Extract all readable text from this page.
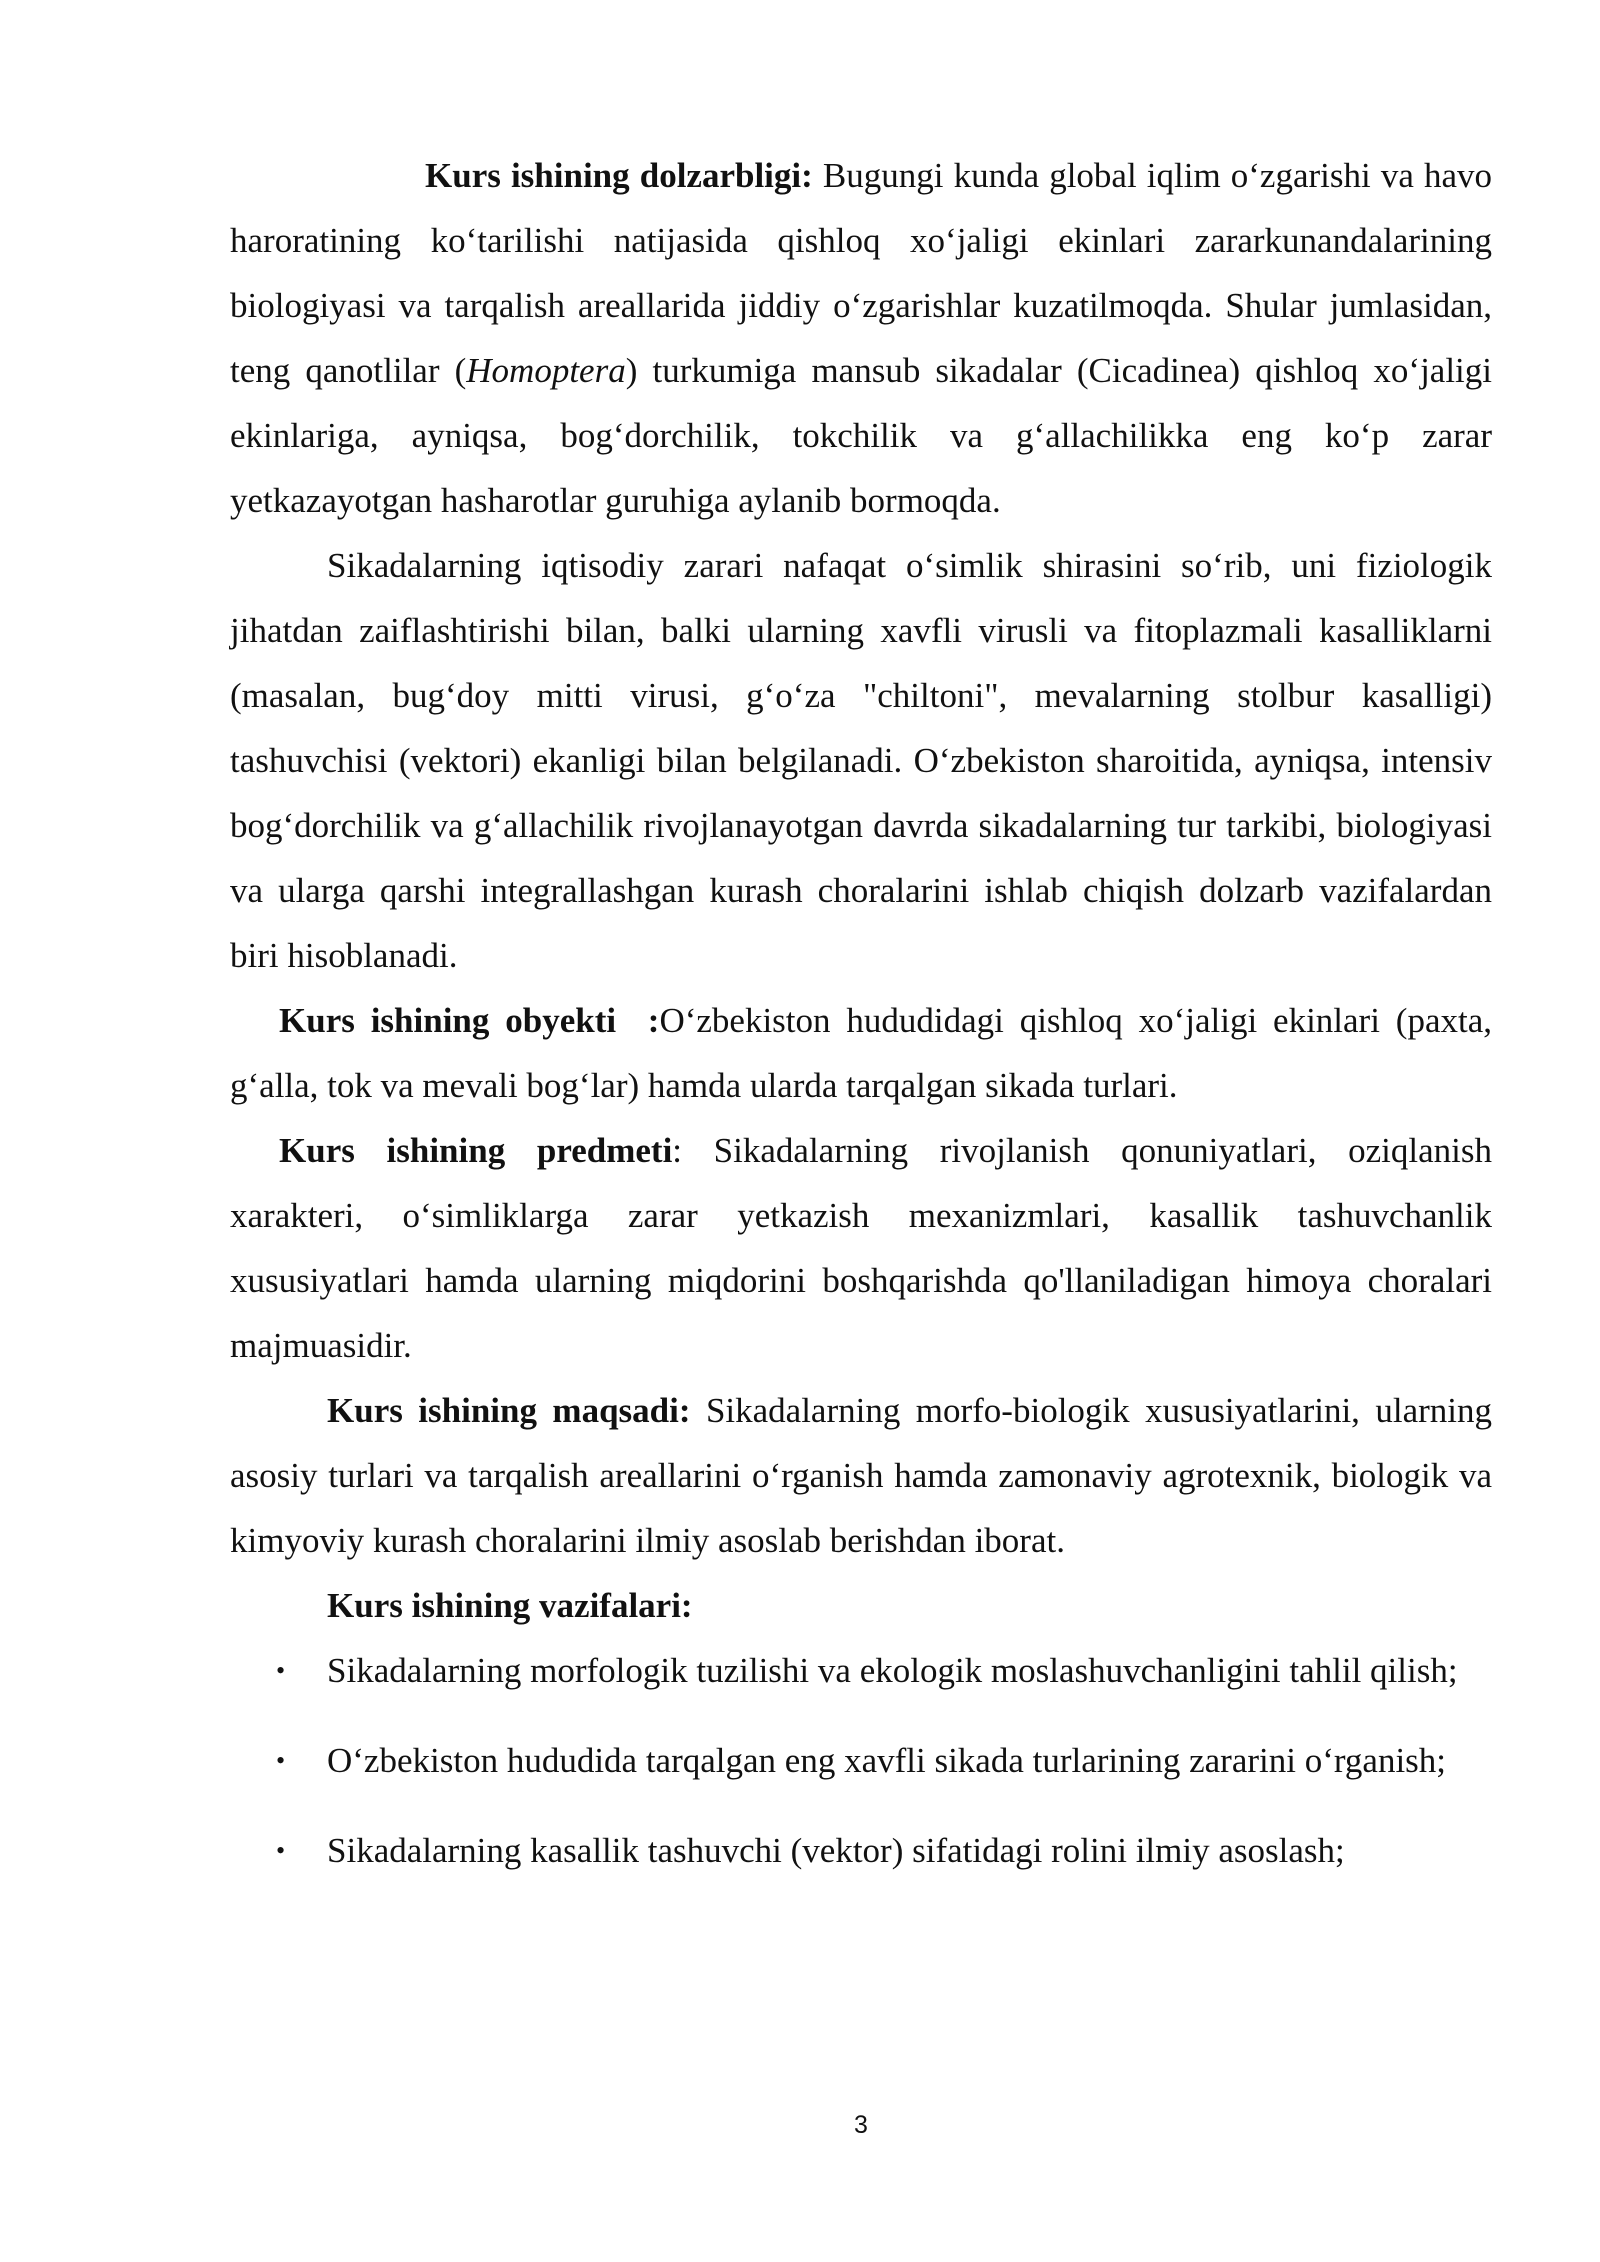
Kurs ishining dolzarbligi: Bugungi kunda global iqlim o‘zgarishi va havo haroratining ko‘tarilishi natijasida qishloq xo‘jaligi ekinlari zararkunandalarining biologiyasi va tarqalish areallarida jiddiy o‘zgarishlar kuzatilmoqda. Shular jumlasidan, teng qanotlilar (Homoptera) turkumiga mansub sikadalar (Cicadinea) qishloq xo‘jaligi ekinlariga, ayniqsa, bog‘dorchilik, tokchilik va g‘allachilikka eng ko‘p zarar yetkazayotgan hasharotlar guruhiga aylanib bormoqda.

Sikadalarning iqtisodiy zarari nafaqat o‘simlik shirasini so‘rib, uni fiziologik jihatdan zaiflashtirishi bilan, balki ularning xavfli virusli va fitoplazmali kasalliklarni (masalan, bug‘doy mitti virusi, g‘o‘za "chiltoni", mevalarning stolbur kasalligi) tashuvchisi (vektori) ekanligi bilan belgilanadi. O‘zbekiston sharoitida, ayniqsa, intensiv bog‘dorchilik va g‘allachilik rivojlanayotgan davrda sikadalarning tur tarkibi, biologiyasi va ularga qarshi integrallashgan kurash choralarini ishlab chiqish dolzarb vazifalardan biri hisoblanadi.

Kurs ishining obyekti  :O‘zbekiston hududidagi qishloq xo‘jaligi ekinlari (paxta, g‘alla, tok va mevali bog‘lar) hamda ularda tarqalgan sikada turlari.

Kurs ishining predmeti: Sikadalarning rivojlanish qonuniyatlari, oziqlanish xarakteri, o‘simliklarga zarar yetkazish mexanizmlari, kasallik tashuvchanlik xususiyatlari hamda ularning miqdorini boshqarishda qo'llaniladigan himoya choralari majmuasidir.

Kurs ishining maqsadi: Sikadalarning morfo-biologik xususiyatlarini, ularning asosiy turlari va tarqalish areallarini o‘rganish hamda zamonaviy agrotexnik, biologik va kimyoviy kurash choralarini ilmiy asoslab berishdan iborat.

Kurs ishining vazifalari:

• Sikadalarning morfologik tuzilishi va ekologik moslashuvchanligini tahlil qilish;
• O‘zbekiston hududida tarqalgan eng xavfli sikada turlarining zararini o‘rganish;
• Sikadalarning kasallik tashuvchi (vektor) sifatidagi rolini ilmiy asoslash;
3
